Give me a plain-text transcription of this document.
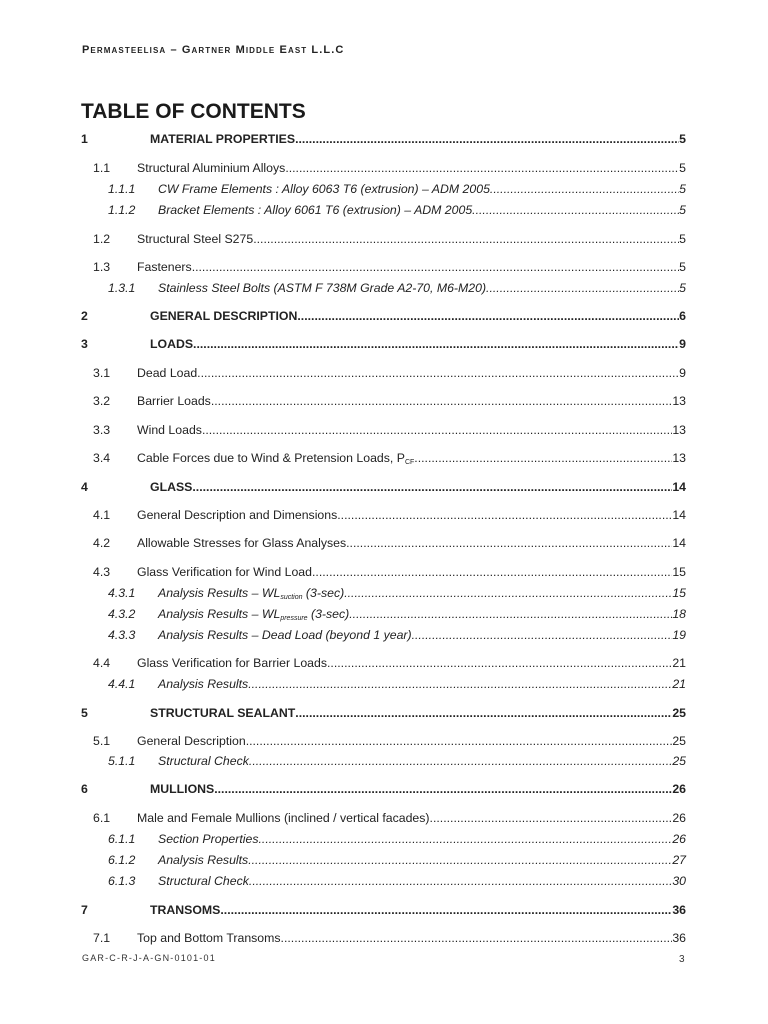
Permasteelisa – Gartner Middle East L.L.C
TABLE OF CONTENTS
1	MATERIAL PROPERTIES .....	5
1.1	Structural Aluminium Alloys .....	5
1.1.1	CW Frame Elements : Alloy 6063 T6 (extrusion) – ADM 2005 .....	5
1.1.2	Bracket Elements : Alloy 6061 T6 (extrusion) – ADM 2005 .....	5
1.2	Structural Steel S275 .....	5
1.3	Fasteners .....	5
1.3.1	Stainless Steel Bolts (ASTM F 738M Grade A2-70, M6-M20) .....	5
2	GENERAL DESCRIPTION .....	6
3	LOADS .....	9
3.1	Dead Load .....	9
3.2	Barrier Loads .....	13
3.3	Wind Loads .....	13
3.4	Cable Forces due to Wind & Pretension Loads, $P_{CF}$ .....	13
4	GLASS .....	14
4.1	General Description and Dimensions .....	14
4.2	Allowable Stresses for Glass Analyses .....	14
4.3	Glass Verification for Wind Load .....	15
4.3.1	Analysis Results – $WL_{suction}$ (3-sec) .....	15
4.3.2	Analysis Results – $WL_{pressure}$ (3-sec) .....	18
4.3.3	Analysis Results – Dead Load (beyond 1 year) .....	19
4.4	Glass Verification for Barrier Loads .....	21
4.4.1	Analysis Results .....	21
5	STRUCTURAL SEALANT .....	25
5.1	General Description .....	25
5.1.1	Structural Check .....	25
6	MULLIONS .....	26
6.1	Male and Female Mullions (inclined / vertical facades) .....	26
6.1.1	Section Properties .....	26
6.1.2	Analysis Results .....	27
6.1.3	Structural Check .....	30
7	TRANSOMS .....	36
7.1	Top and Bottom Transoms .....	36
GAR-C-R-J-A-GN-0101-01	3
